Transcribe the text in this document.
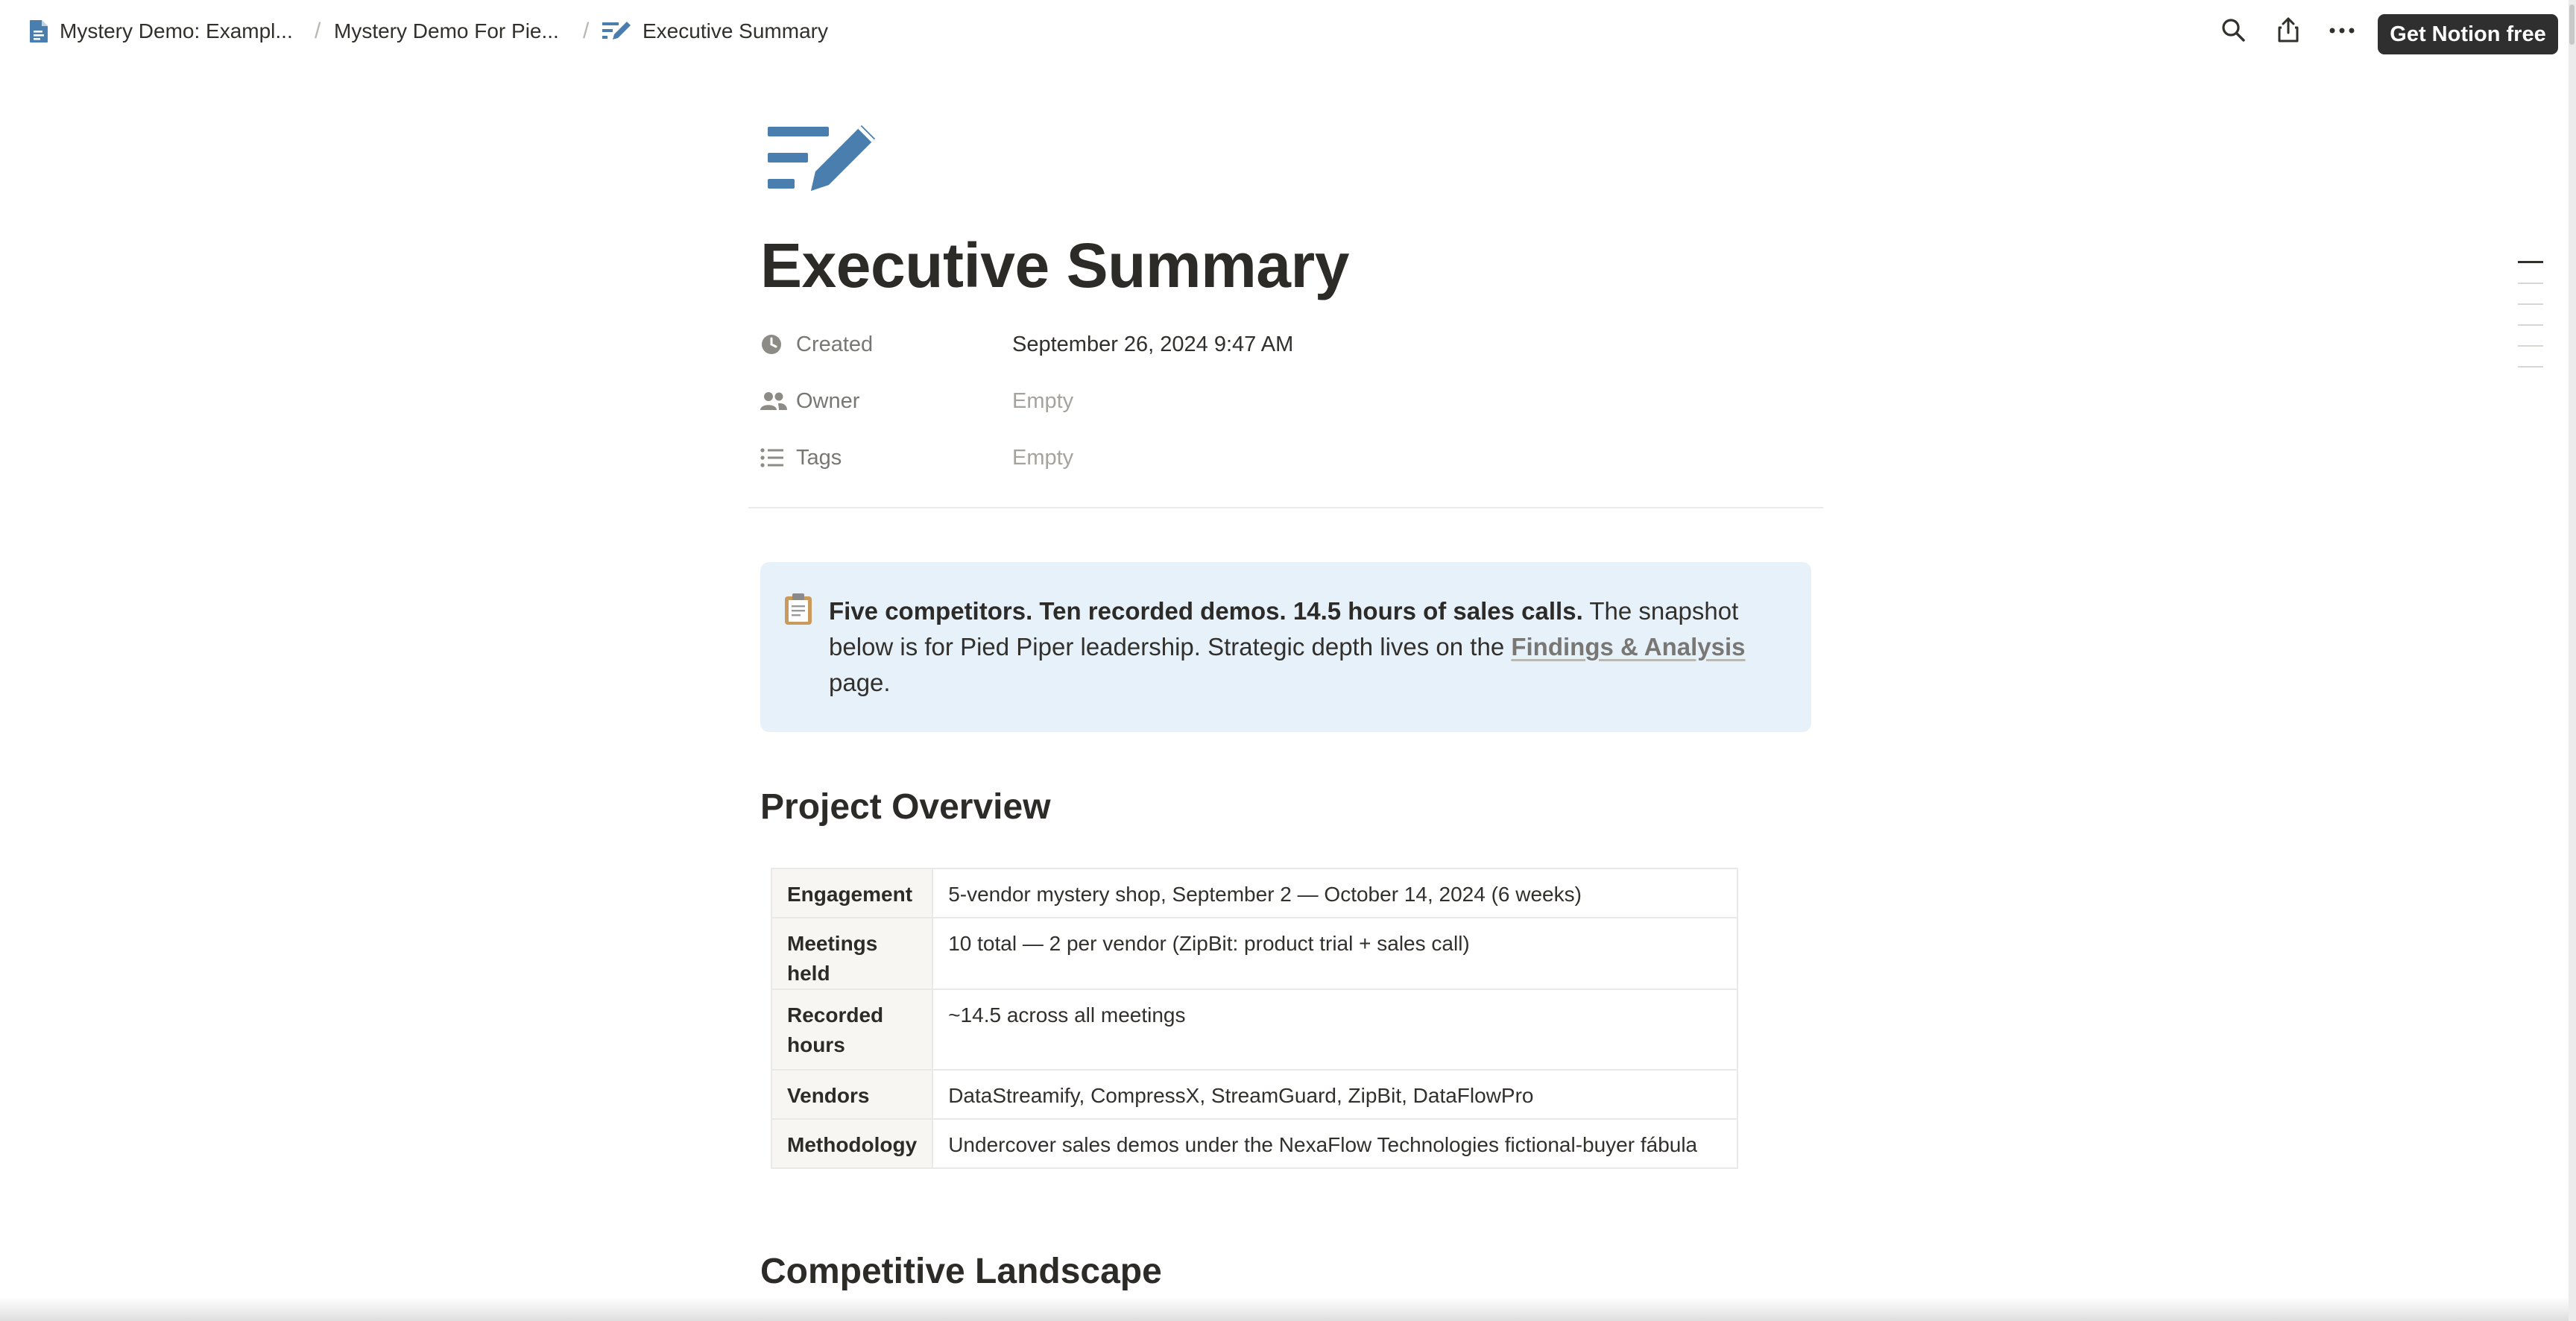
Mystery Demo: Exampl... / Mystery Demo For Pie... /	Executive Summary	Get Notion free
Executive Summary
Created	September 26, 2024 9:47 AM
Owner	Empty
Tags	Empty
Five competitors. Ten recorded demos. 14.5 hours of sales calls. The snapshot below is for Pied Piper leadership. Strategic depth lives on the Findings & Analysis page.
Project Overview
Engagement	5-vendor mystery shop, September 2 — October 14, 2024 (6 weeks)
Meetings held	10 total — 2 per vendor (ZipBit: product trial + sales call)
Recorded hours	~14.5 across all meetings
Vendors	DataStreamify, CompressX, StreamGuard, ZipBit, DataFlowPro
Methodology	Undercover sales demos under the NexaFlow Technologies fictional-buyer fábula
Competitive Landscape
